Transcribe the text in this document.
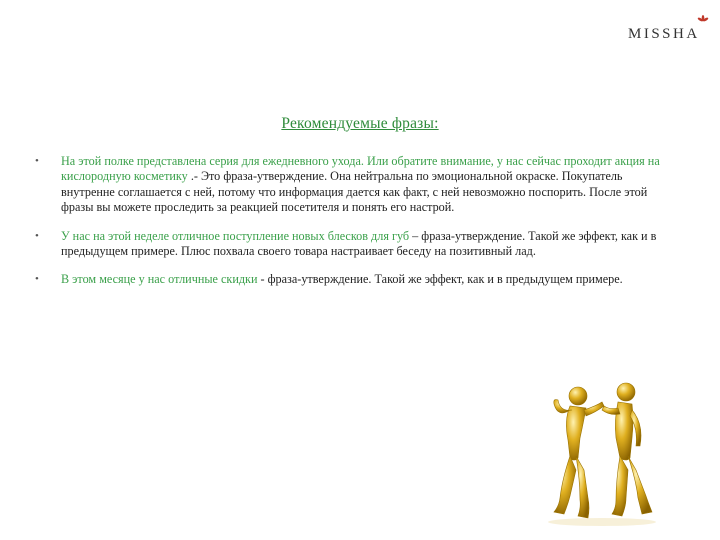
MISSHA
Рекомендуемые фразы:
• На этой полке представлена серия для ежедневного ухода. Или обратите внимание, у нас сейчас проходит акция на кислородную косметику .- Это фраза-утверждение. Она нейтральна по эмоциональной окраске. Покупатель внутренне соглашается с ней, потому что информация дается как факт, с ней невозможно поспорить. После этой фразы вы можете проследить за реакцией посетителя и понять его настрой.
• У нас на этой неделе отличное поступление новых блесков для губ – фраза-утверждение. Такой же эффект, как и в предыдущем примере. Плюс похвала своего товара настраивает беседу на позитивный лад.
• В этом месяце у нас отличные скидки - фраза-утверждение. Такой же эффект, как и в предыдущем примере.
